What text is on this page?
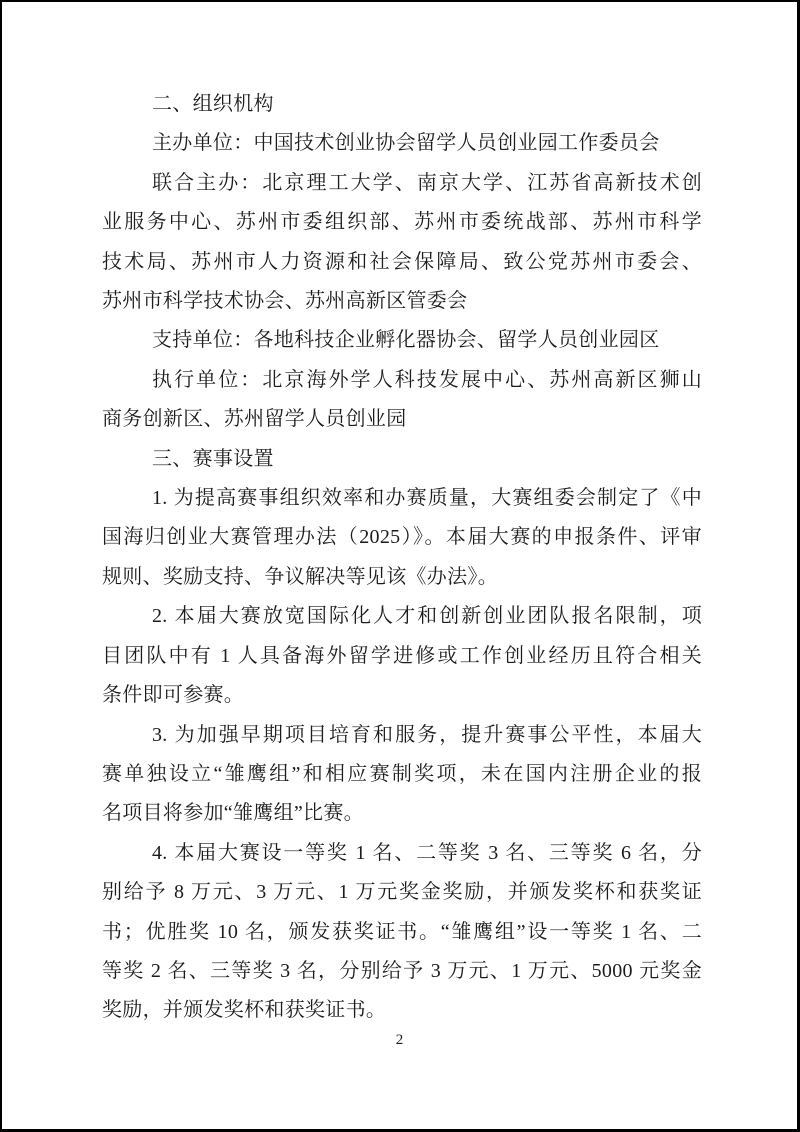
二、组织机构
主办单位：中国技术创业协会留学人员创业园工作委员会
联合主办：北京理工大学、南京大学、江苏省高新技术创
业服务中心、苏州市委组织部、苏州市委统战部、苏州市科学
技术局、苏州市人力资源和社会保障局、致公党苏州市委会、
苏州市科学技术协会、苏州高新区管委会
支持单位：各地科技企业孵化器协会、留学人员创业园区
执行单位：北京海外学人科技发展中心、苏州高新区狮山
商务创新区、苏州留学人员创业园
三、赛事设置
1. 为提高赛事组织效率和办赛质量，大赛组委会制定了《中
国海归创业大赛管理办法（2025）》。本届大赛的申报条件、评审
规则、奖励支持、争议解决等见该《办法》。
2. 本届大赛放宽国际化人才和创新创业团队报名限制，项
目团队中有 1 人具备海外留学进修或工作创业经历且符合相关
条件即可参赛。
3. 为加强早期项目培育和服务，提升赛事公平性，本届大
赛单独设立“雏鹰组”和相应赛制奖项，未在国内注册企业的报
名项目将参加“雏鹰组”比赛。
4. 本届大赛设一等奖 1 名、二等奖 3 名、三等奖 6 名，分
别给予 8 万元、3 万元、1 万元奖金奖励，并颁发奖杯和获奖证
书；优胜奖 10 名，颁发获奖证书。“雏鹰组”设一等奖 1 名、二
等奖 2 名、三等奖 3 名，分别给予 3 万元、1 万元、5000 元奖金
奖励，并颁发奖杯和获奖证书。
2
